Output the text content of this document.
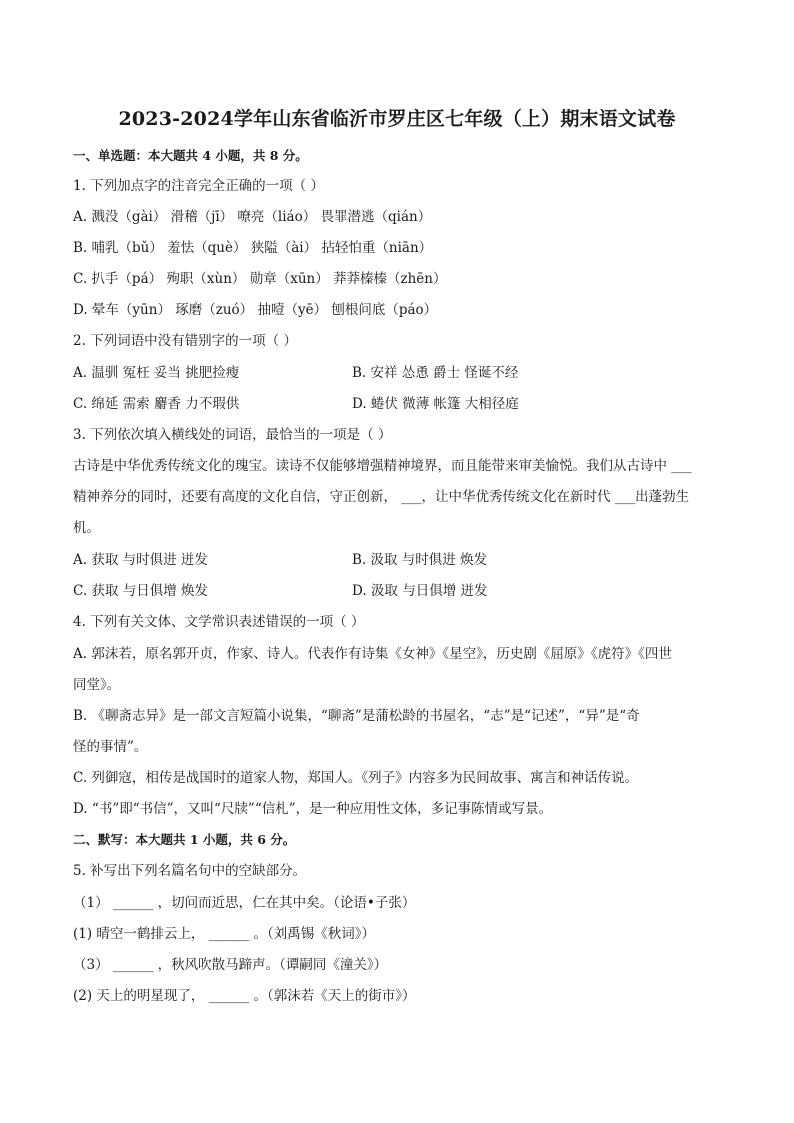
2023-2024学年山东省临沂市罗庄区七年级（上）期末语文试卷
一、单选题：本大题共 4 小题，共 8 分。
1. 下列加点字的注音完全正确的一项（ ）
A. 溅没（gài） 滑稽（jī） 嘹亮（liáo） 畏罪潜逃（qián）
B. 哺乳（bǔ） 羞怯（què） 狭隘（ài） 拈轻怕重（niān）
C. 扒手（pá） 殉职（xùn） 勋章（xūn） 莽莽榛榛（zhēn）
D. 晕车（yūn） 琢磨（zuó） 抽噎（yē） 刨根问底（páo）
2. 下列词语中没有错别字的一项（ ）
A. 温驯 冤枉 妥当 挑肥捡瘦	B. 安祥 怂恿 爵士 怪诞不经
C. 绵延 需索 麝香 力不瑕供	D. 蜷伏 微薄 帐篷 大相径庭
3. 下列依次填入横线处的词语，最恰当的一项是（ ）
古诗是中华优秀传统文化的瑰宝。读诗不仅能够增强精神境界，而且能带来审美愉悦。我们从古诗中 ___
精神养分的同时，还要有高度的文化自信，守正创新， ___，让中华优秀传统文化在新时代 ___出蓬勃生
机。
A. 获取 与时俱进 迸发	B. 汲取 与时俱进 焕发
C. 获取 与日俱增 焕发	D. 汲取 与日俱增 迸发
4. 下列有关文体、文学常识表述错误的一项（ ）
A. 郭沫若，原名郭开贞，作家、诗人。代表作有诗集《女神》《星空》，历史剧《屈原》《虎符》《四世
同堂》。
B. 《聊斋志异》是一部文言短篇小说集，“聊斋”是蒲松龄的书屋名，“志”是“记述”，“异”是“奇
怪的事情”。
C. 列御寇，相传是战国时的道家人物，郑国人。《列子》内容多为民间故事、寓言和神话传说。
D. “书”即“书信”，又叫“尺牍”“信札”，是一种应用性文体，多记事陈情或写景。
二、默写：本大题共 1 小题，共 6 分。
5. 补写出下列名篇名句中的空缺部分。
（1） ______ ，切问而近思，仁在其中矣。（论语•子张）
(1) 晴空一鹤排云上， ______ 。（刘禹锡《秋词》）
（3） ______ ，秋风吹散马蹄声。（谭嗣同《潼关》）
(2) 天上的明星现了， ______ 。（郭沫若《天上的街市》）
